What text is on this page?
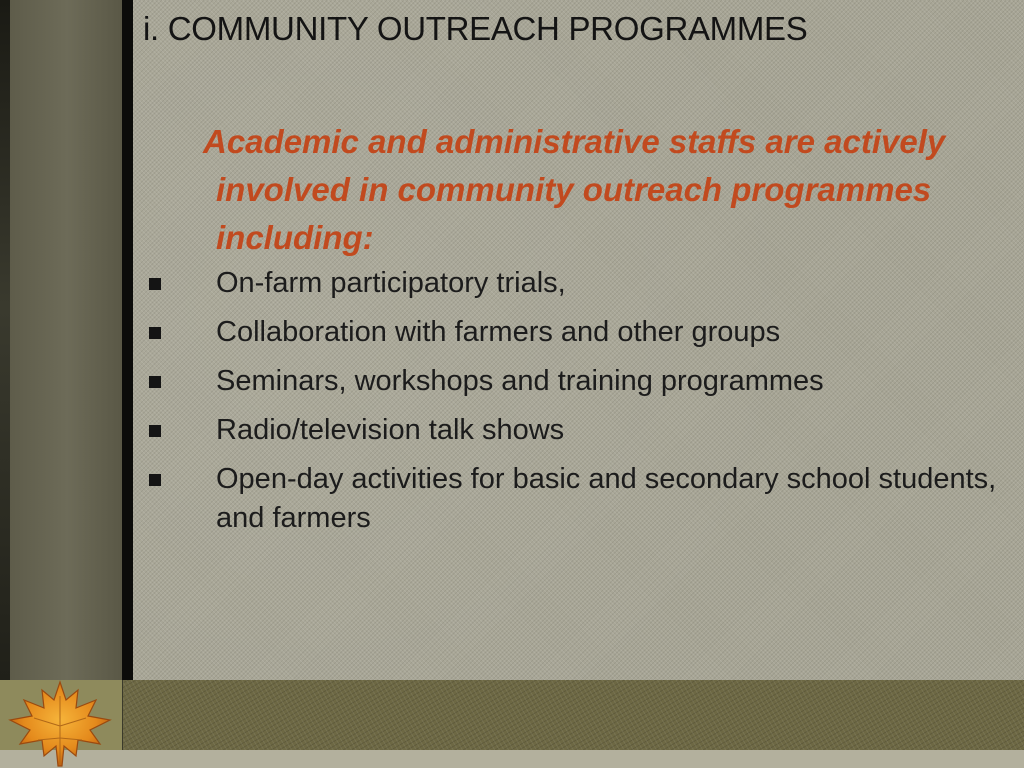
i. COMMUNITY OUTREACH PROGRAMMES

Academic and administrative staffs are actively involved in community outreach programmes including:

On-farm participatory trials,
Collaboration with farmers and other groups
Seminars, workshops and training programmes
Radio/television talk shows
Open-day activities for basic and secondary school students, and farmers
